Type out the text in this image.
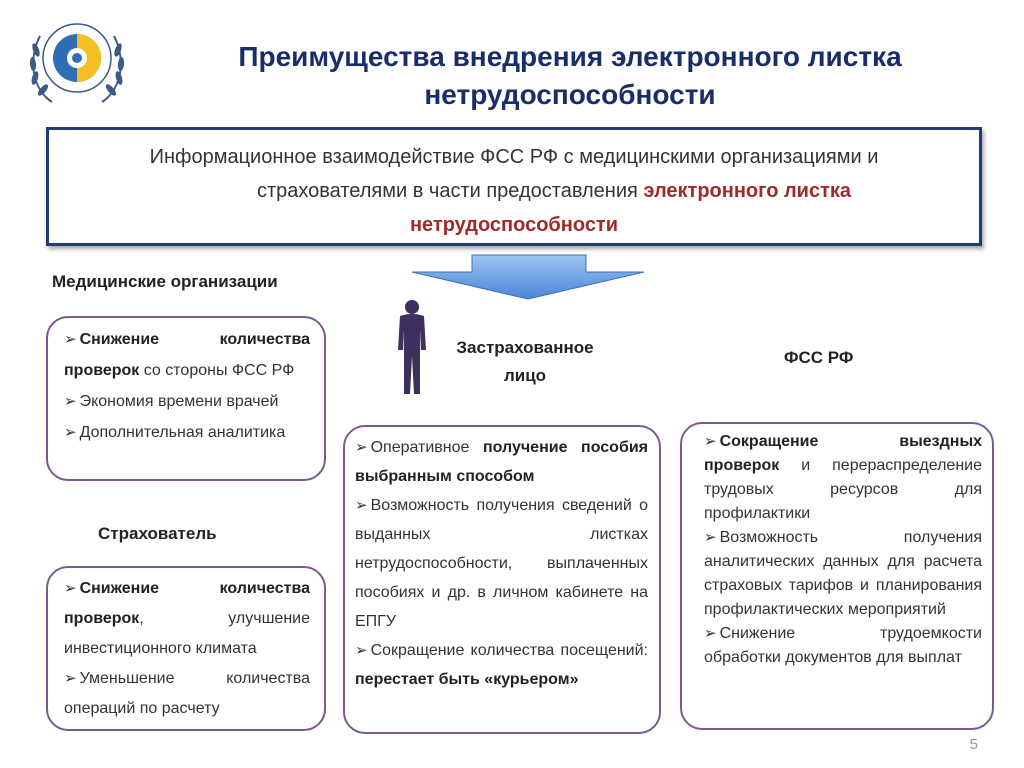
Преимущества внедрения электронного листка
нетрудоспособности
Информационное взаимодействие ФСС РФ с медицинскими организациями и
страхователями в части предоставления электронного листка
нетрудоспособности
Медицинские организации
Застрахованное лицо
ФСС РФ
Страхователь
➢ Снижение количества проверок со стороны ФСС РФ
➢ Экономия времени врачей
➢ Дополнительная аналитика
➢ Снижение количества проверок, улучшение инвестиционного климата
➢ Уменьшение количества операций по расчету
➢ Оперативное получение пособия выбранным способом
➢ Возможность получения сведений о выданных листках нетрудоспособности, выплаченных пособиях и др. в личном кабинете на ЕПГУ
➢ Сокращение количества посещений: перестает быть «курьером»
➢ Сокращение выездных проверок и перераспределение трудовых ресурсов для профилактики
➢ Возможность получения аналитических данных для расчета страховых тарифов и планирования профилактических мероприятий
➢ Снижение трудоемкости обработки документов для выплат
5
